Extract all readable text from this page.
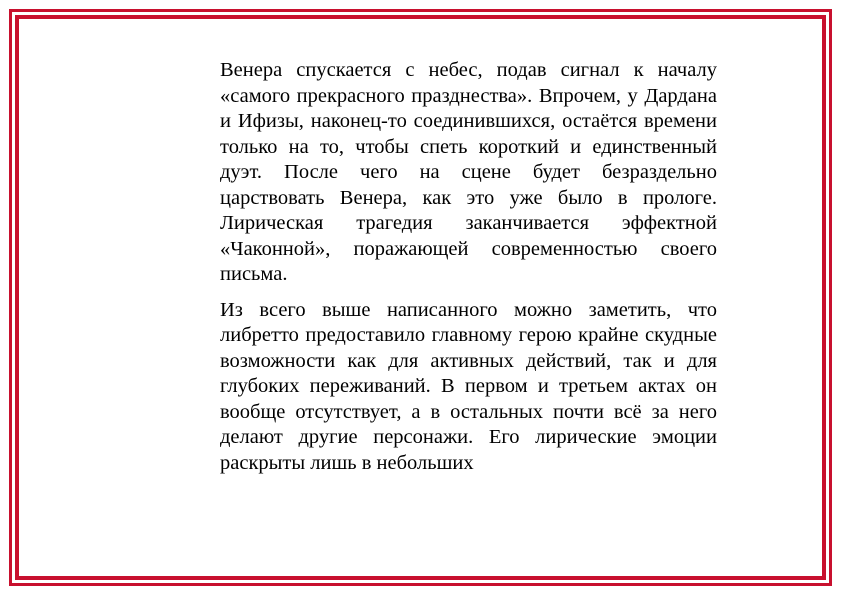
Венера спускается с небес, подав сигнал к началу «самого прекрасного празднества». Впрочем, у Дардана и Ифизы, наконец-то соединившихся, остаётся времени только на то, чтобы спеть короткий и единственный дуэт. После чего на сцене будет безраздельно царствовать Венера, как это уже было в прологе. Лирическая трагедия заканчивается эффектной «Чаконной», поражающей современностью своего письма.

Из всего выше написанного можно заметить, что либретто предоставило главному герою крайне скудные возможности как для активных действий, так и для глубоких переживаний. В первом и третьем актах он вообще отсутствует, а в остальных почти всё за него делают другие персонажи. Его лирические эмоции раскрыты лишь в небольших
